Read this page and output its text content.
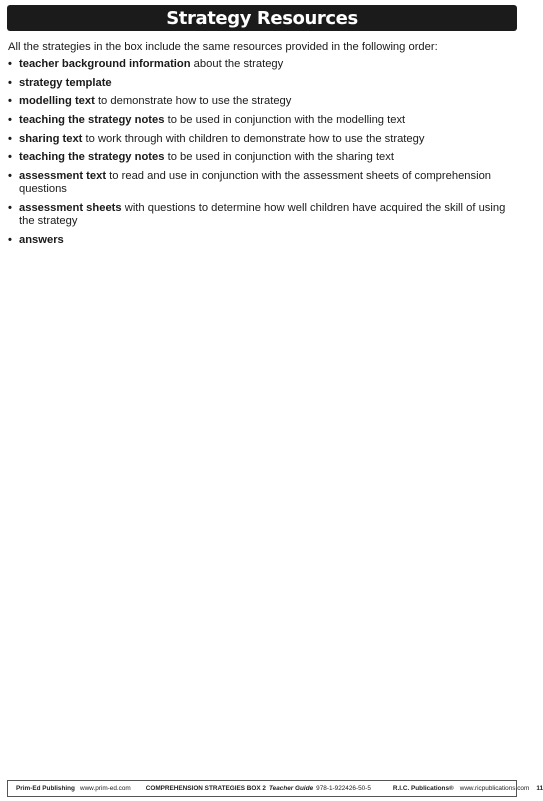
Strategy Resources

All the strategies in the box include the same resources provided in the following order:

• teacher background information about the strategy
• strategy template
• modelling text to demonstrate how to use the strategy
• teaching the strategy notes to be used in conjunction with the modelling text
• sharing text to work through with children to demonstrate how to use the strategy
• teaching the strategy notes to be used in conjunction with the sharing text
• assessment text to read and use in conjunction with the assessment sheets of comprehension questions
• assessment sheets with questions to determine how well children have acquired the skill of using the strategy
• answers
Prim-Ed Publishing www.prim-ed.com COMPREHENSION STRATEGIES BOX 2 Teacher Guide 978-1-922426-50-5	R.I.C. Publications® www.ricpublications.com 11
